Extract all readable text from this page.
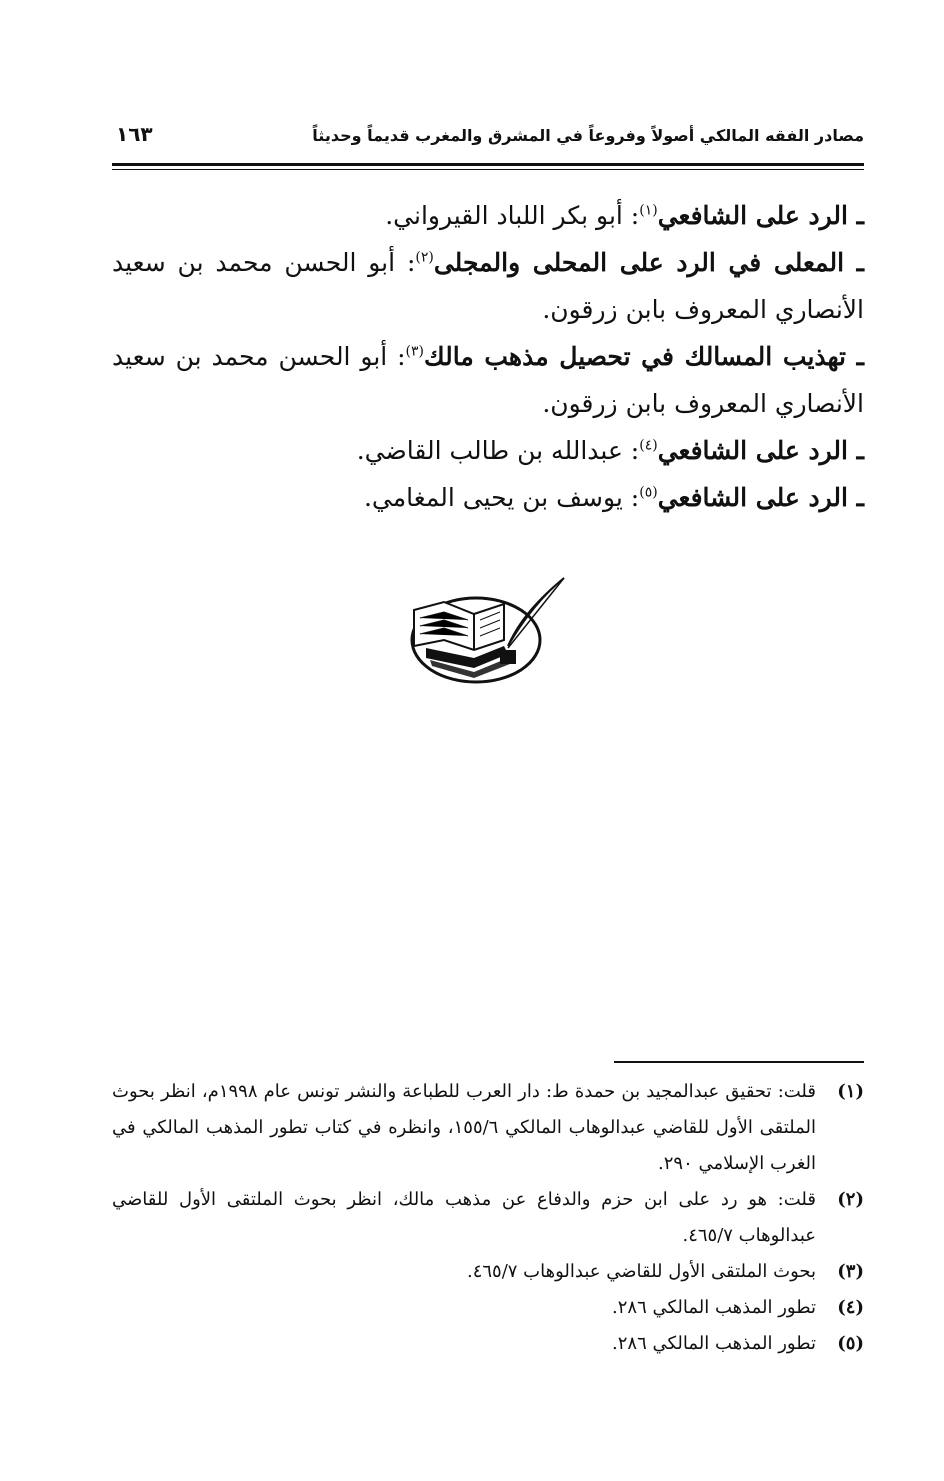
مصادر الفقه المالكي أصولاً وفروعاً في المشرق والمغرب قديماً وحديثاً
١٦٣
ـ الرد على الشافعي$^{(١)}$: أبو بكر اللباد القيرواني.
ـ المعلى في الرد على المحلى والمجلى$^{(٢)}$: أبو الحسن محمد بن سعيد الأنصاري المعروف بابن زرقون.
ـ تهذيب المسالك في تحصيل مذهب مالك$^{(٣)}$: أبو الحسن محمد بن سعيد الأنصاري المعروف بابن زرقون.
ـ الرد على الشافعي$^{(٤)}$: عبدالله بن طالب القاضي.
ـ الرد على الشافعي$^{(٥)}$: يوسف بن يحيى المغامي.
(١)
قلت: تحقيق عبدالمجيد بن حمدة ط: دار العرب للطباعة والنشر تونس عام ١٩٩٨م، انظر بحوث الملتقى الأول للقاضي عبدالوهاب المالكي ١٥٥/٦، وانظره في كتاب تطور المذهب المالكي في الغرب الإسلامي ٢٩٠.
(٢)
قلت: هو رد على ابن حزم والدفاع عن مذهب مالك، انظر بحوث الملتقى الأول للقاضي عبدالوهاب ٤٦٥/٧.
(٣)
بحوث الملتقى الأول للقاضي عبدالوهاب ٤٦٥/٧.
(٤)
تطور المذهب المالكي ٢٨٦.
(٥)
تطور المذهب المالكي ٢٨٦.
